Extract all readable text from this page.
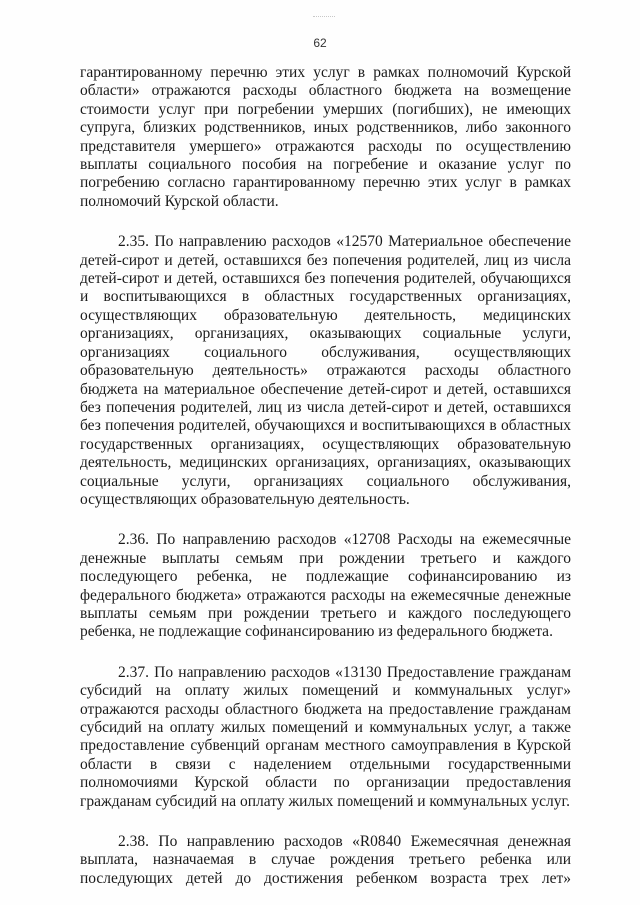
62

гарантированному перечню этих услуг в рамках полномочий Курской области» отражаются расходы областного бюджета на возмещение стоимости услуг при погребении умерших (погибших), не имеющих супруга, близких родственников, иных родственников, либо законного представителя умершего» отражаются расходы по осуществлению выплаты социального пособия на погребение и оказание услуг по погребению согласно гарантированному перечню этих услуг в рамках полномочий Курской области.

2.35. По направлению расходов «12570 Материальное обеспечение детей-сирот и детей, оставшихся без попечения родителей, лиц из числа детей-сирот и детей, оставшихся без попечения родителей, обучающихся и воспитывающихся в областных государственных организациях, осуществляющих образовательную деятельность, медицинских организациях, организациях, оказывающих социальные услуги, организациях социального обслуживания, осуществляющих образовательную деятельность» отражаются расходы областного бюджета на материальное обеспечение детей-сирот и детей, оставшихся без попечения родителей, лиц из числа детей-сирот и детей, оставшихся без попечения родителей, обучающихся и воспитывающихся в областных государственных организациях, осуществляющих образовательную деятельность, медицинских организациях, организациях, оказывающих социальные услуги, организациях социального обслуживания, осуществляющих образовательную деятельность.

2.36. По направлению расходов «12708 Расходы на ежемесячные денежные выплаты семьям при рождении третьего и каждого последующего ребенка, не подлежащие софинансированию из федерального бюджета» отражаются расходы на ежемесячные денежные выплаты семьям при рождении третьего и каждого последующего ребенка, не подлежащие софинансированию из федерального бюджета.

2.37. По направлению расходов «13130 Предоставление гражданам субсидий на оплату жилых помещений и коммунальных услуг» отражаются расходы областного бюджета на предоставление гражданам субсидий на оплату жилых помещений и коммунальных услуг, а также предоставление субвенций органам местного самоуправления в Курской области в связи с наделением отдельными государственными полномочиями Курской области по организации предоставления гражданам субсидий на оплату жилых помещений и коммунальных услуг.

2.38. По направлению расходов «R0840 Ежемесячная денежная выплата, назначаемая в случае рождения третьего ребенка или последующих детей до достижения ребенком возраста трех лет»
